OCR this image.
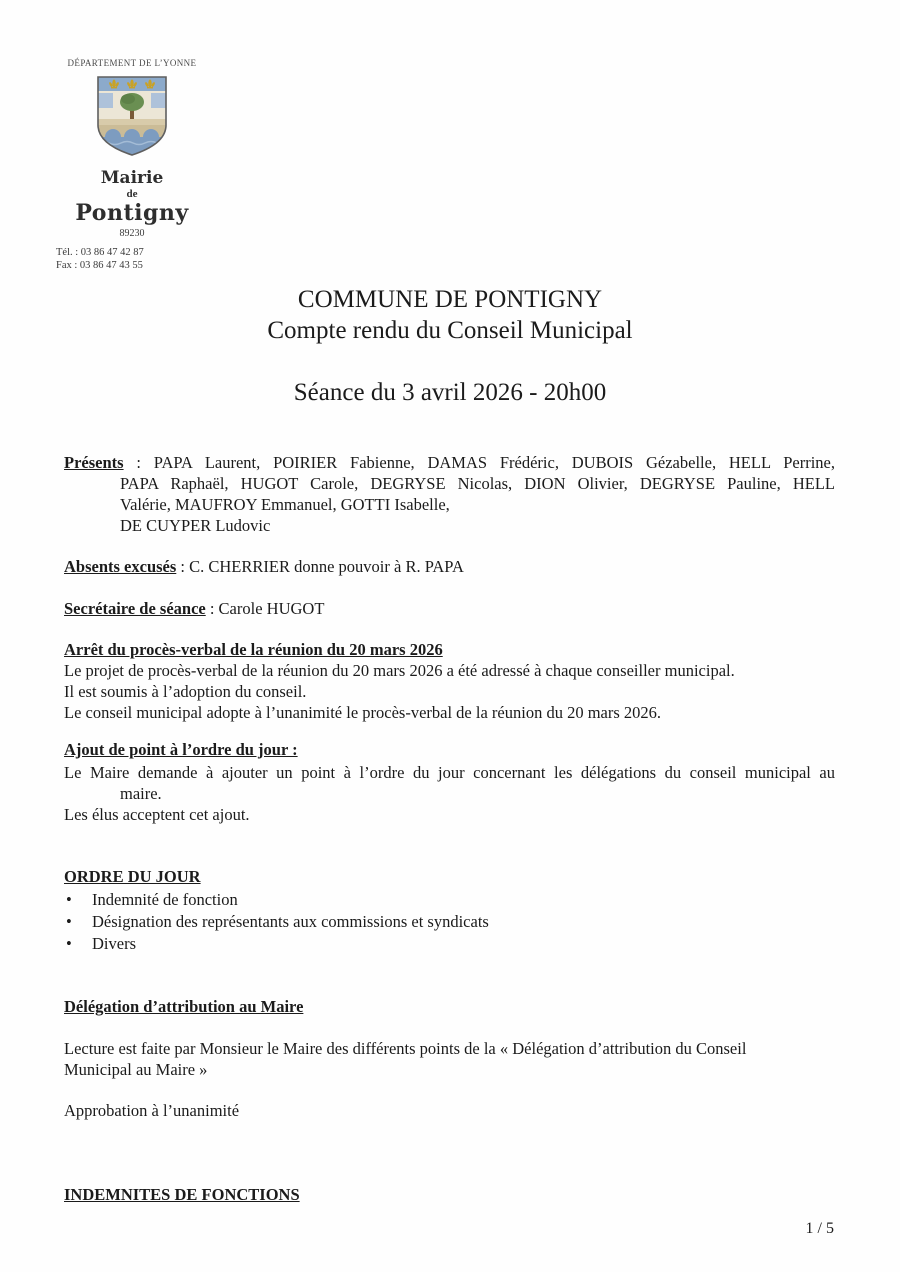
DÉPARTEMENT DE L’YONNE
Mairie
de
Pontigny
89230
Tél. : 03 86 47 42 87
Fax : 03 86 47 43 55
COMMUNE DE PONTIGNY
Compte rendu du Conseil Municipal
Séance du 3 avril 2026 - 20h00
Présents : PAPA Laurent, POIRIER Fabienne, DAMAS Frédéric, DUBOIS Gézabelle, HELL Perrine,
PAPA Raphaël, HUGOT Carole, DEGRYSE Nicolas, DION Olivier, DEGRYSE Pauline, HELL
Valérie, MAUFROY Emmanuel, GOTTI Isabelle,
DE CUYPER Ludovic
Absents excusés : C. CHERRIER donne pouvoir à R. PAPA
Secrétaire de séance : Carole HUGOT
Arrêt du procès-verbal de la réunion du 20 mars 2026
Le projet de procès-verbal de la réunion du 20 mars 2026 a été adressé à chaque conseiller municipal.
Il est soumis à l’adoption du conseil.
Le conseil municipal adopte à l’unanimité le procès-verbal de la réunion du 20 mars 2026.
Ajout de point à l’ordre du jour :
Le Maire demande à ajouter un point à l’ordre du jour concernant les délégations du conseil municipal au
maire.
Les élus acceptent cet ajout.
ORDRE DU JOUR
•	Indemnité de fonction
•	Désignation des représentants aux commissions et syndicats
•	Divers
Délégation d’attribution au Maire
Lecture est faite par Monsieur le Maire des différents points de la « Délégation d’attribution du Conseil
Municipal au Maire »
Approbation à l’unanimité
INDEMNITES DE FONCTIONS
1 / 5
